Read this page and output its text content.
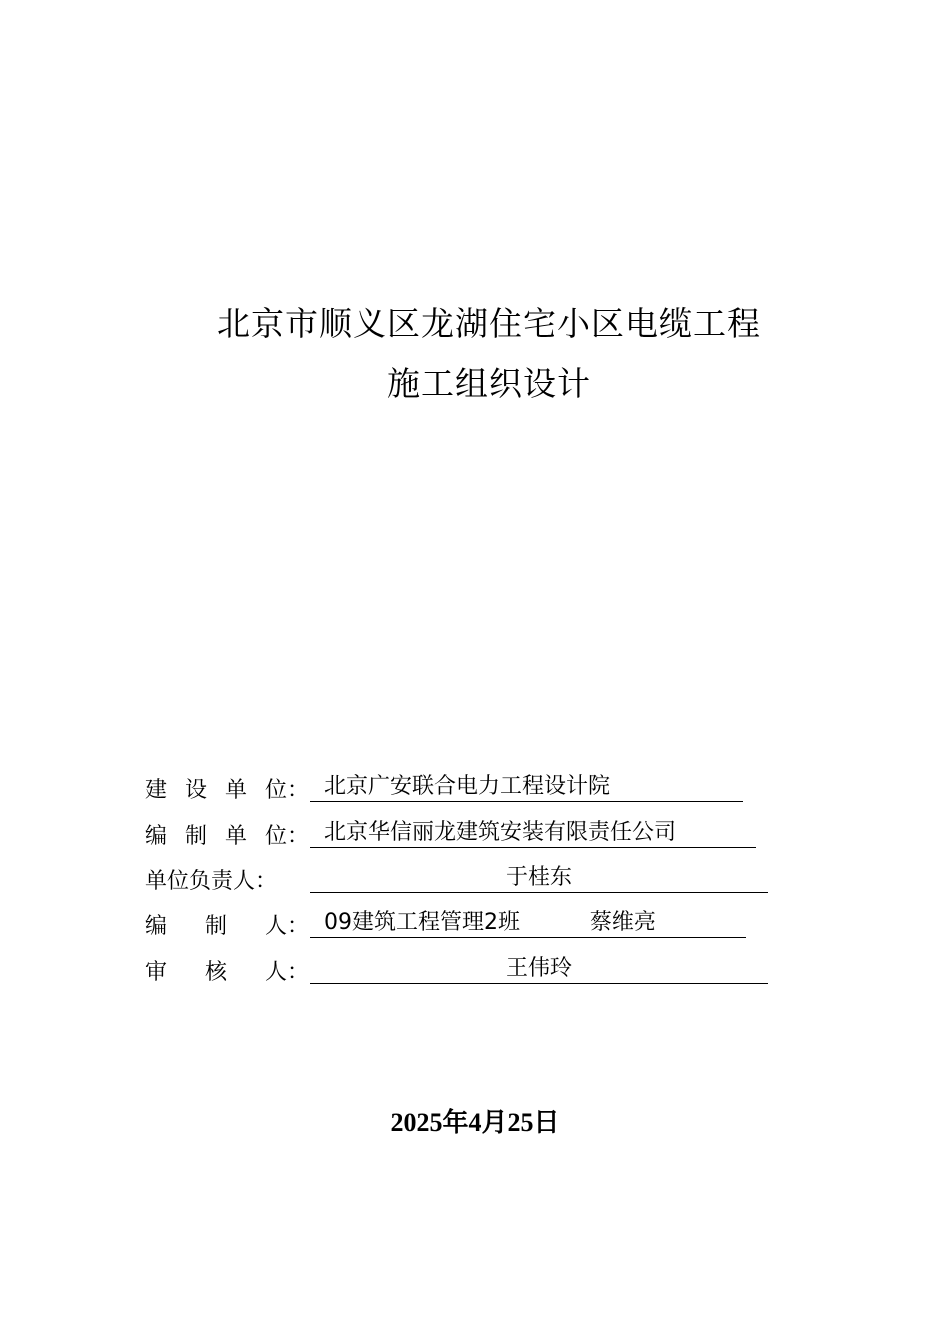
北京市顺义区龙湖住宅小区电缆工程
施工组织设计
建 设 单 位： 北京广安联合电力工程设计院
编 制 单 位： 北京华信丽龙建筑安装有限责任公司
单位负责人：	于桂东
编 制 人： 09建筑工程管理2班          蔡维亮
审 核 人：	王伟玲
2025年4月25日
